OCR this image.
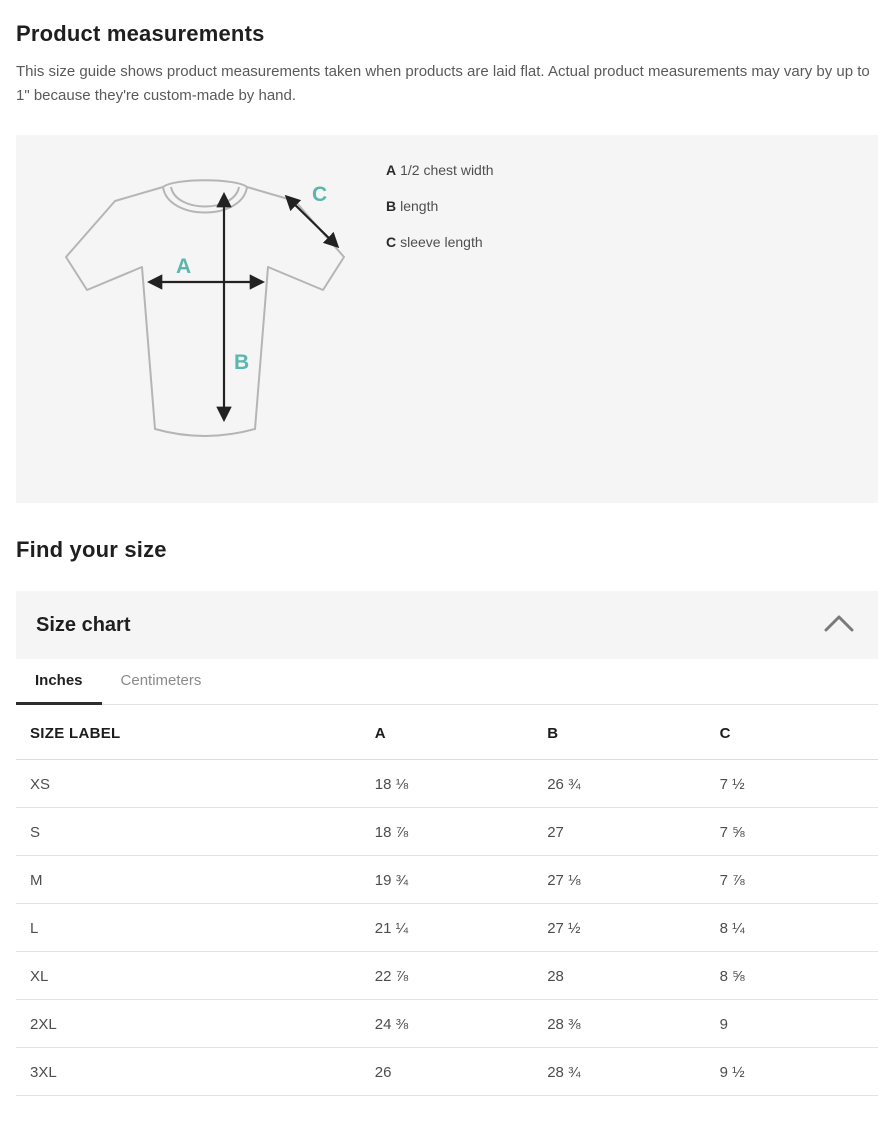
Product measurements

This size guide shows product measurements taken when products are laid flat. Actual product measurements may vary by up to 1" because they're custom-made by hand.

A
B
C
A 1/2 chest width
B length
C sleeve length
Find your size
Size chart
Inches	Centimeters
SIZE LABEL	A	B	C
XS	18 ⅛	26 ¾	7 ½
S	18 ⅞	27	7 ⅝
M	19 ¾	27 ⅛	7 ⅞
L	21 ¼	27 ½	8 ¼
XL	22 ⅞	28	8 ⅝
2XL	24 ⅜	28 ⅜	9
3XL	26	28 ¾	9 ½
